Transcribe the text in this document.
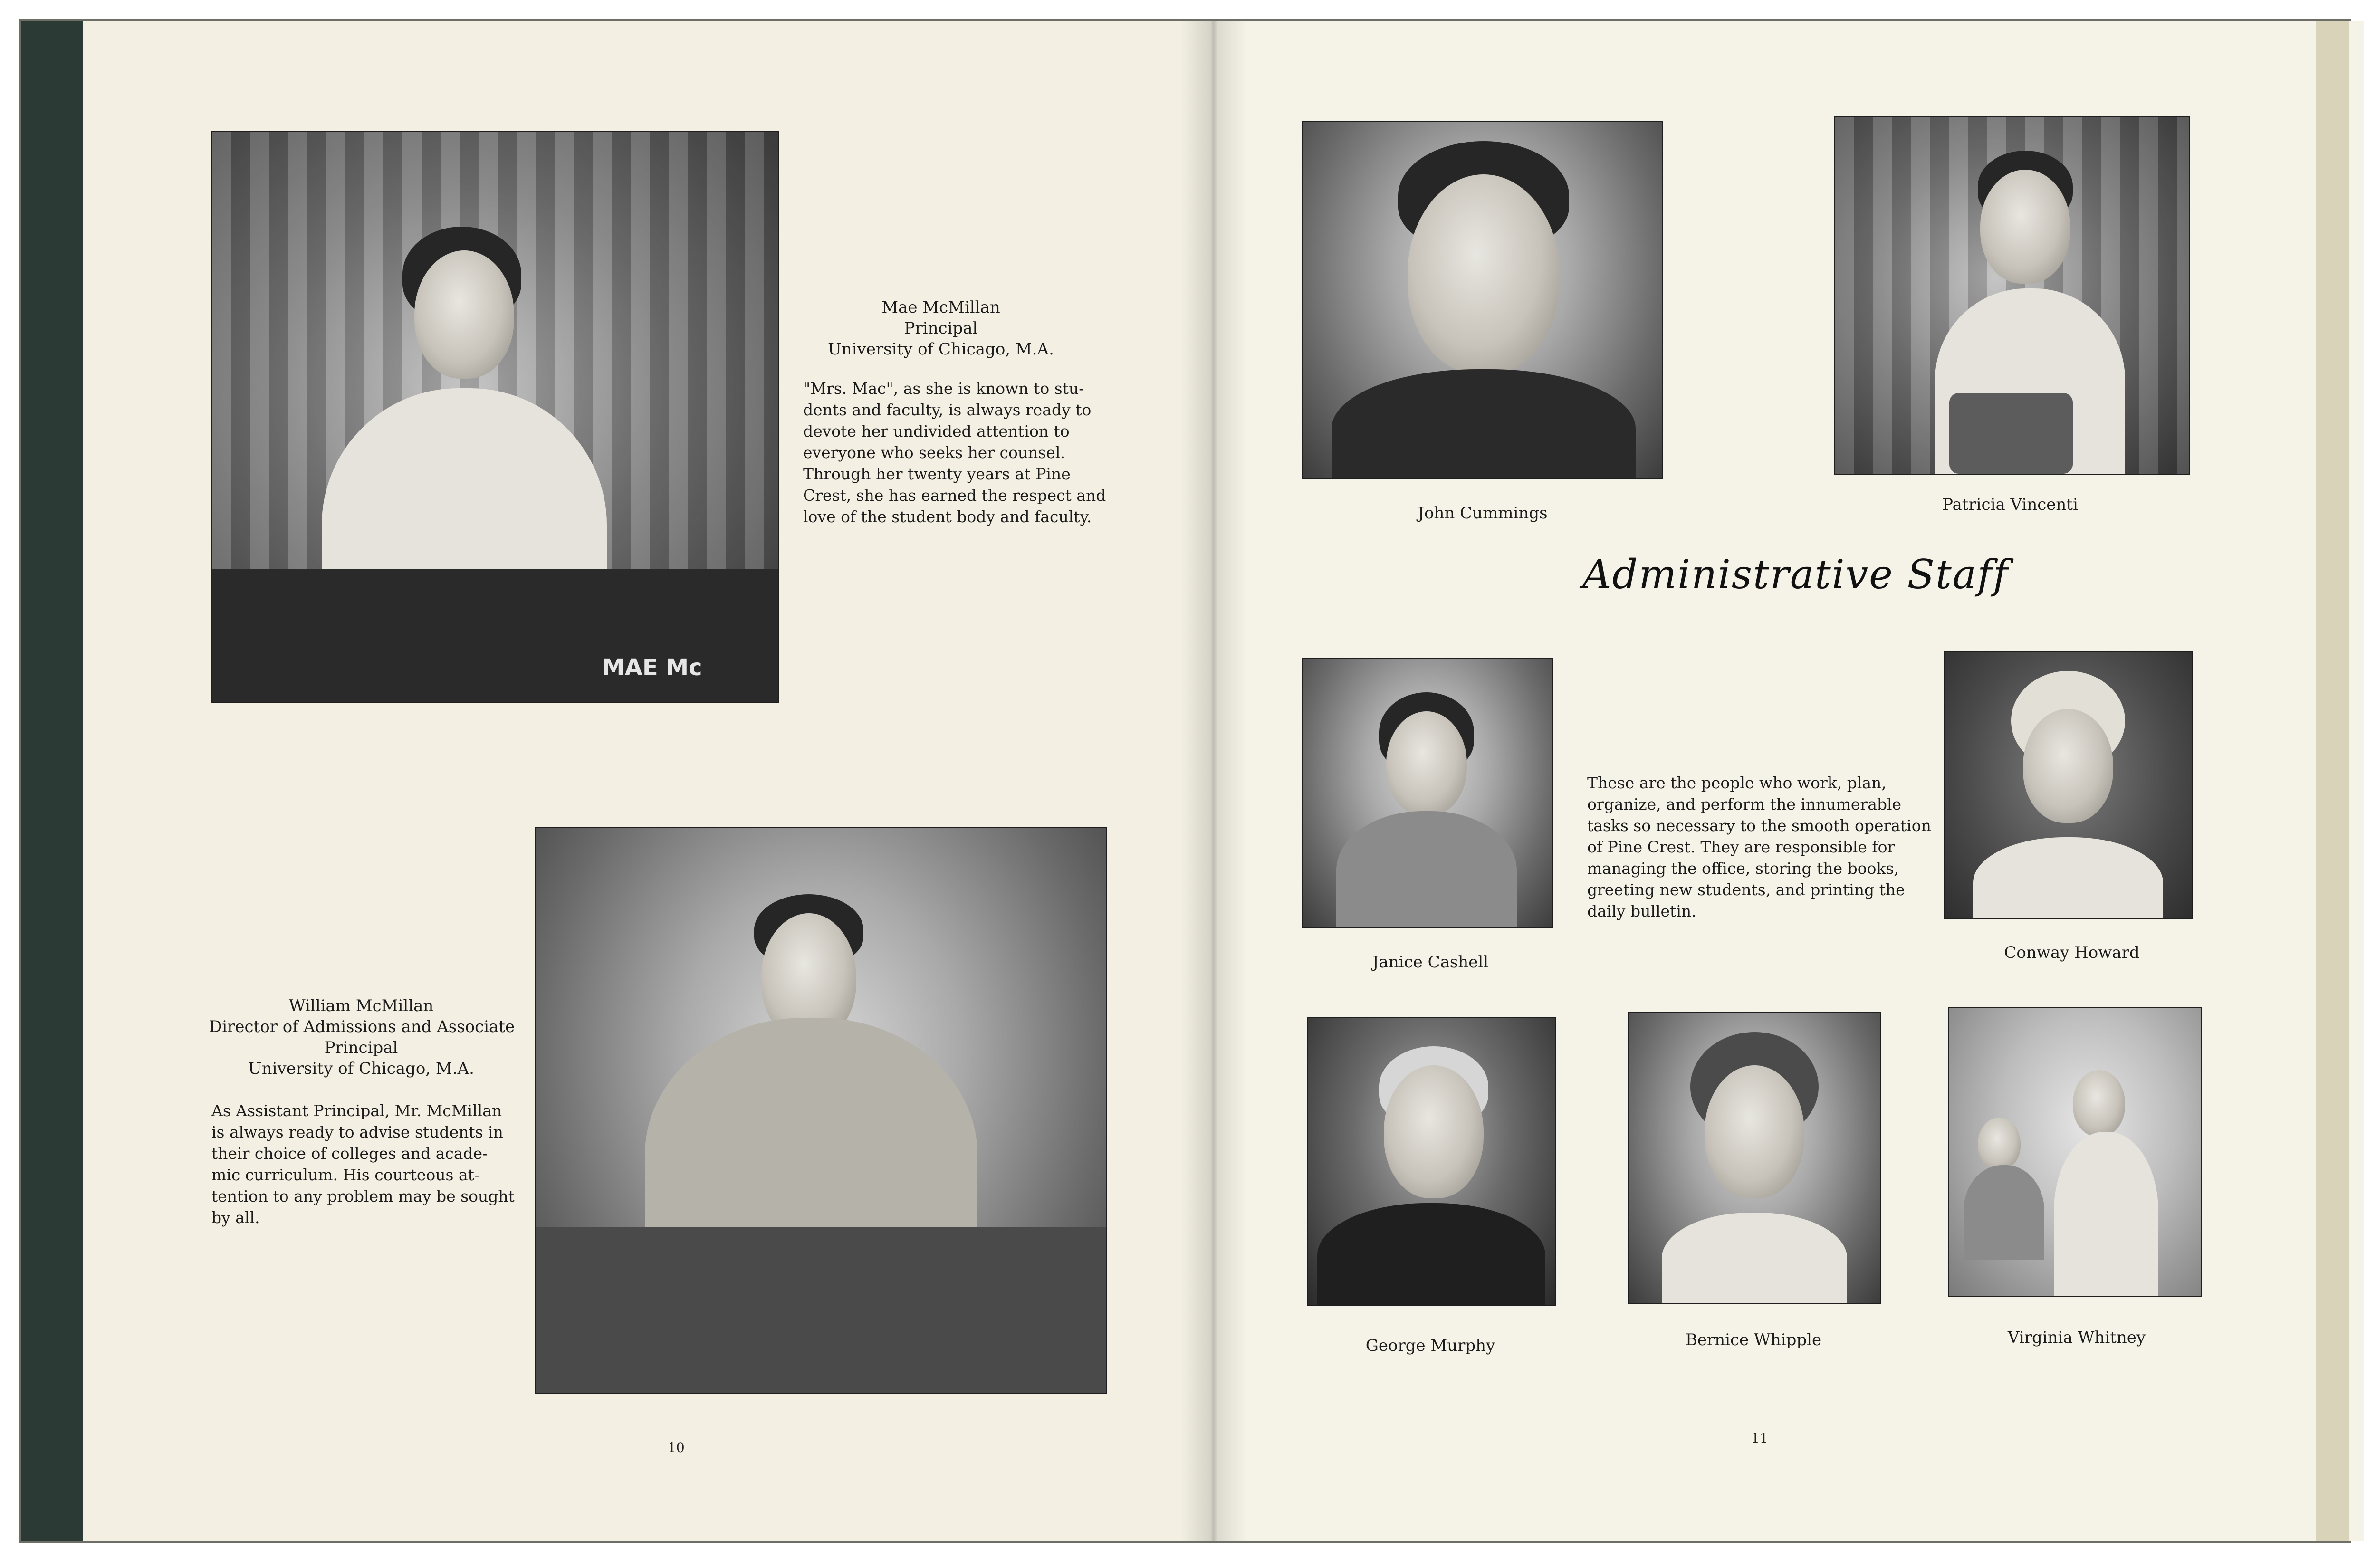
MAE Mc
Mae McMillan
Principal
University of Chicago, M.A.
"Mrs. Mac", as she is known to stu-
dents and faculty, is always ready to
devote her undivided attention to
everyone who seeks her counsel.
Through her twenty years at Pine
Crest, she has earned the respect and
love of the student body and faculty.
William McMillan
Director of Admissions and Associate
Principal
University of Chicago, M.A.
As Assistant Principal, Mr. McMillan
is always ready to advise students in
their choice of colleges and acade-
mic curriculum. His courteous at-
tention to any problem may be sought
by all.
10
John Cummings	Patricia Vincenti
Administrative Staff
Janice Cashell
These are the people who work, plan,
organize, and perform the innumerable
tasks so necessary to the smooth operation
of Pine Crest. They are responsible for
managing the office, storing the books,
greeting new students, and printing the
daily bulletin.
Conway Howard
George Murphy	Bernice Whipple	Virginia Whitney
11
